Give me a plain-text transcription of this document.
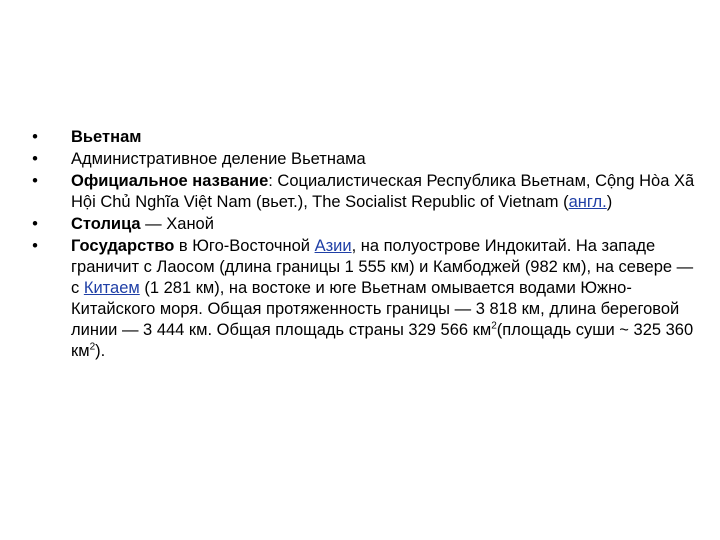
• Вьетнам
• Административное деление Вьетнама
• Официальное название: Социалистическая Республика Вьетнам, Cộng Hòa Xã Hội Chủ Nghĩa Việt Nam (вьет.), The Socialist Republic of Vietnam (англ.)
• Столица — Ханой
• Государство в Юго-Восточной Азии, на полуострове Индокитай. На западе граничит с Лаосом (длина границы 1 555 км) и Камбоджей (982 км), на севере — с Китаем (1 281 км), на востоке и юге Вьетнам омывается водами Южно-Китайского моря. Общая протяженность границы — 3 818 км, длина береговой линии — 3 444 км. Общая площадь страны 329 566 $км^2(площадь$ суши ~ 325 360 $км^2$).
